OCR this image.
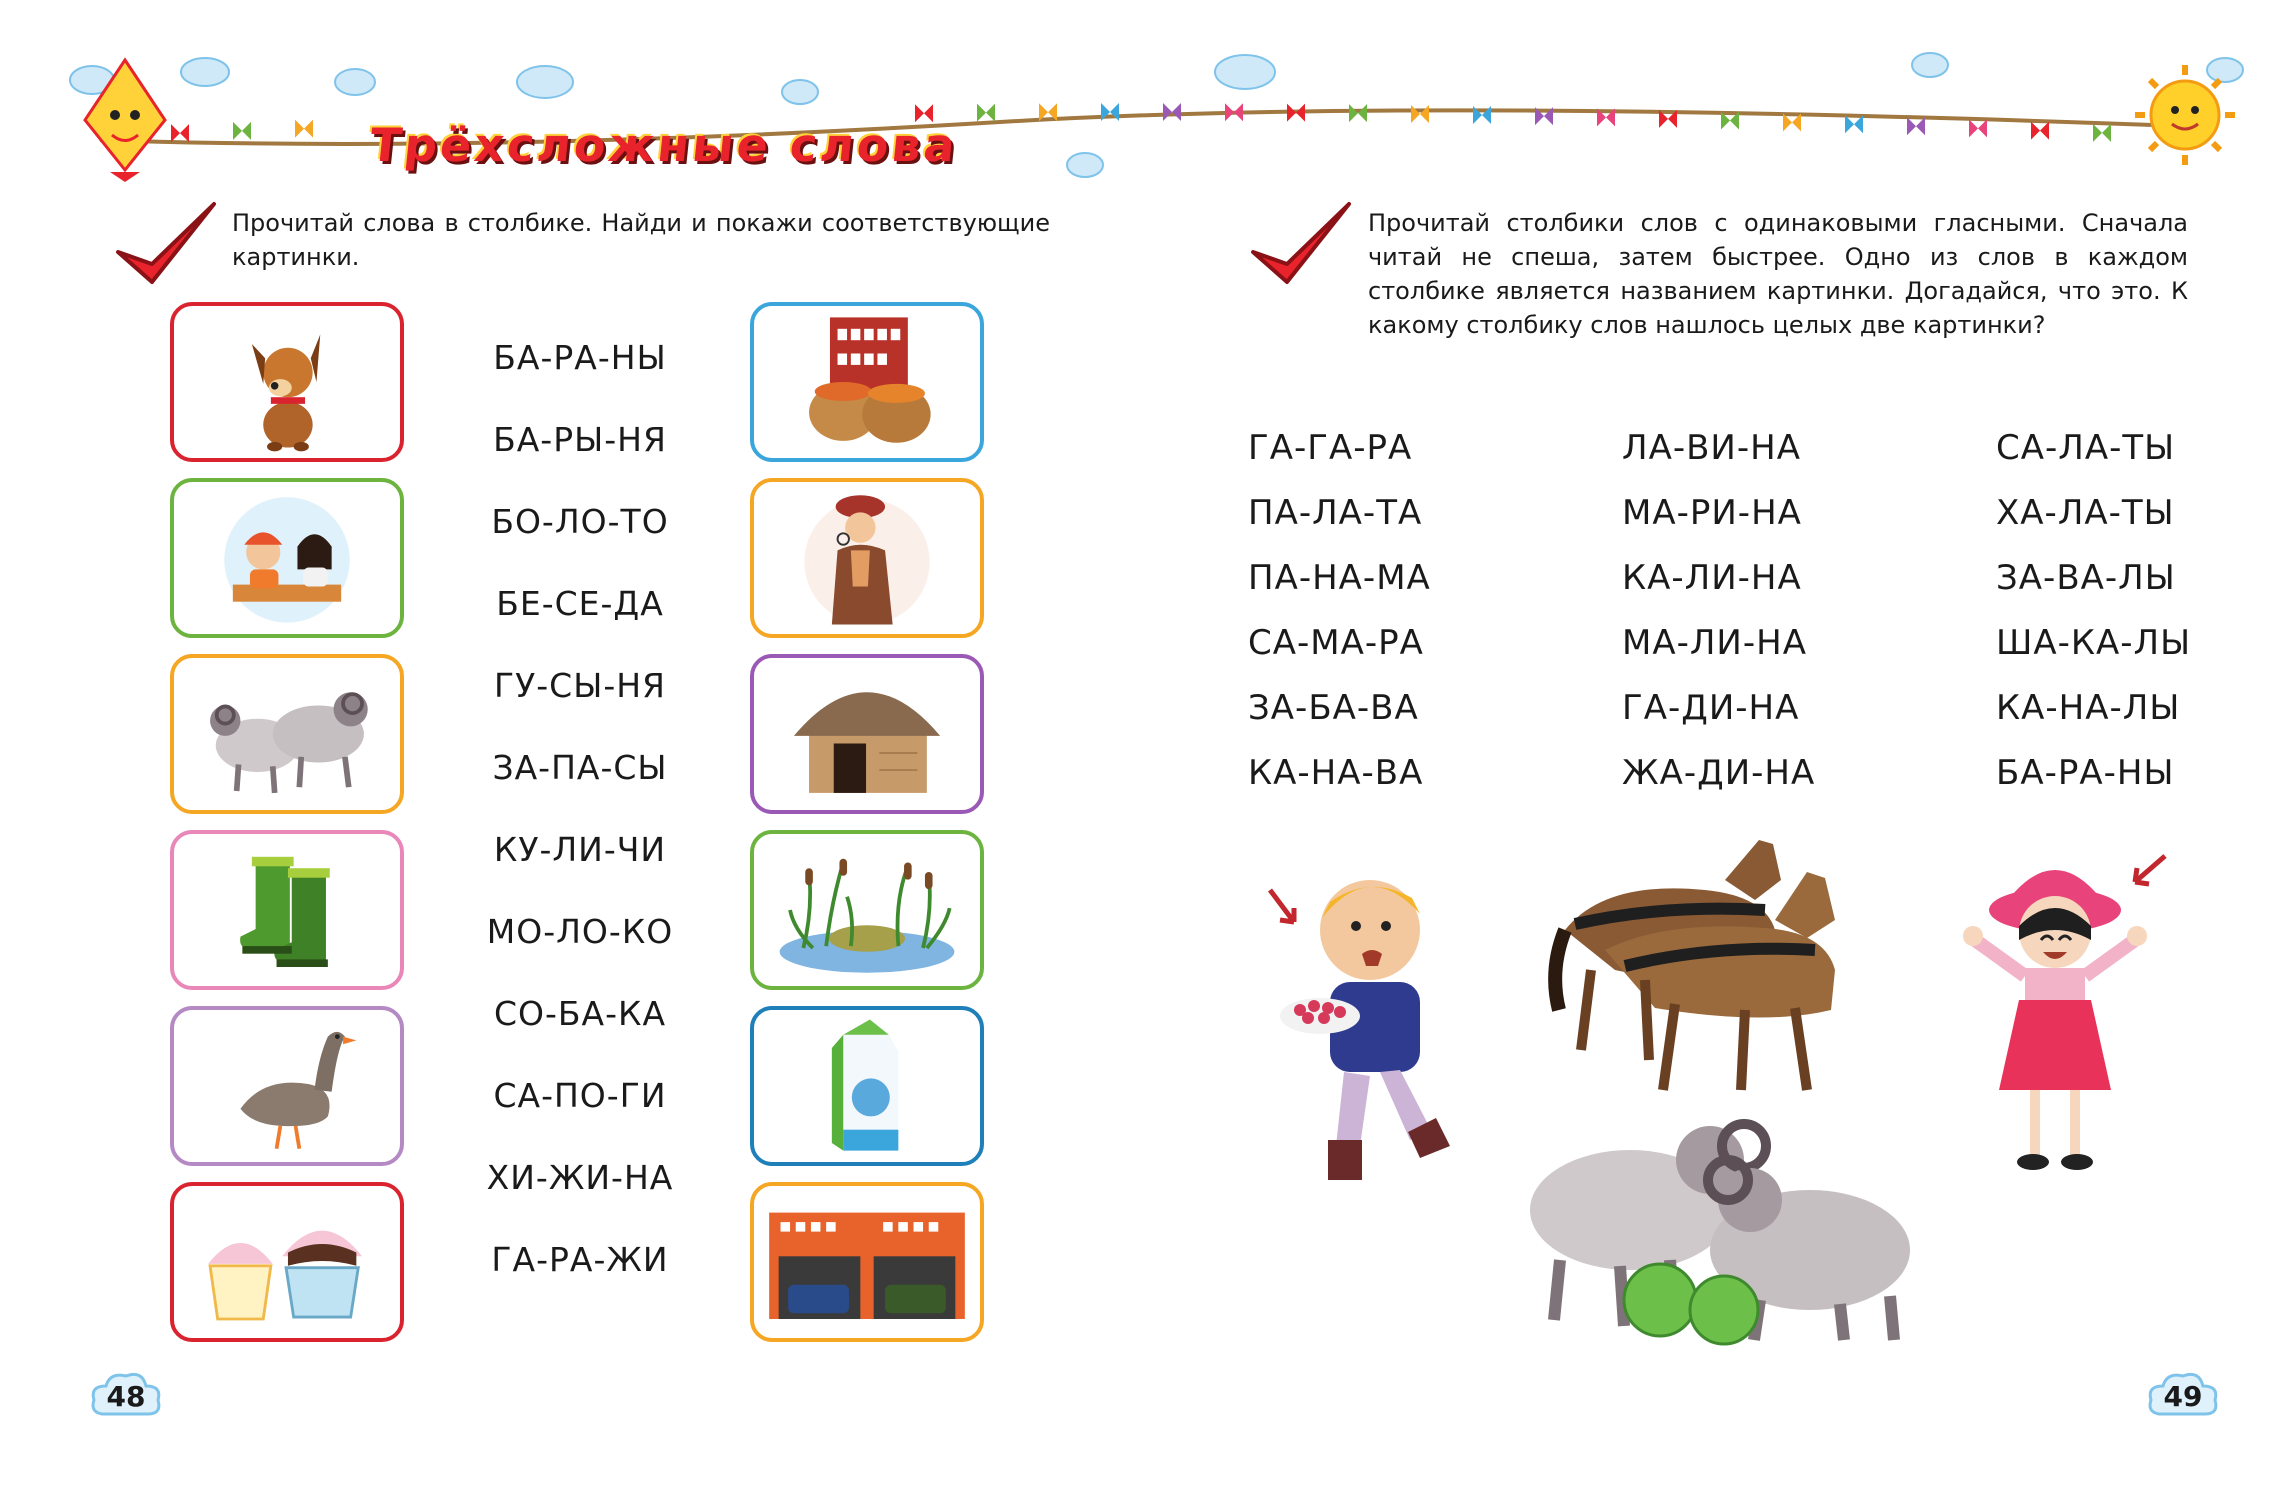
Трёхсложные слова
Прочитай слова в столбике. Найди и покажи соответствующие картинки.
БА-РА-НЫ
БА-РЫ-НЯ
БО-ЛО-ТО
БЕ-СЕ-ДА
ГУ-СЫ-НЯ
ЗА-ПА-СЫ
КУ-ЛИ-ЧИ
МО-ЛО-КО
СО-БА-КА
СА-ПО-ГИ
ХИ-ЖИ-НА
ГА-РА-ЖИ
48	49
Прочитай столбики слов с одинаковыми гласными. Сначала читай не спеша, затем быстрее. Одно из слов в каждом столбике является названием картинки. Догадайся, что это. К какому столбику слов нашлось целых две картинки?
ГА-ГА-РА
ПА-ЛА-ТА
ПА-НА-МА
СА-МА-РА
ЗА-БА-ВА
КА-НА-ВА
ЛА-ВИ-НА
МА-РИ-НА
КА-ЛИ-НА
МА-ЛИ-НА
ГА-ДИ-НА
ЖА-ДИ-НА
СА-ЛА-ТЫ
ХА-ЛА-ТЫ
ЗА-ВА-ЛЫ
ША-КА-ЛЫ
КА-НА-ЛЫ
БА-РА-НЫ
